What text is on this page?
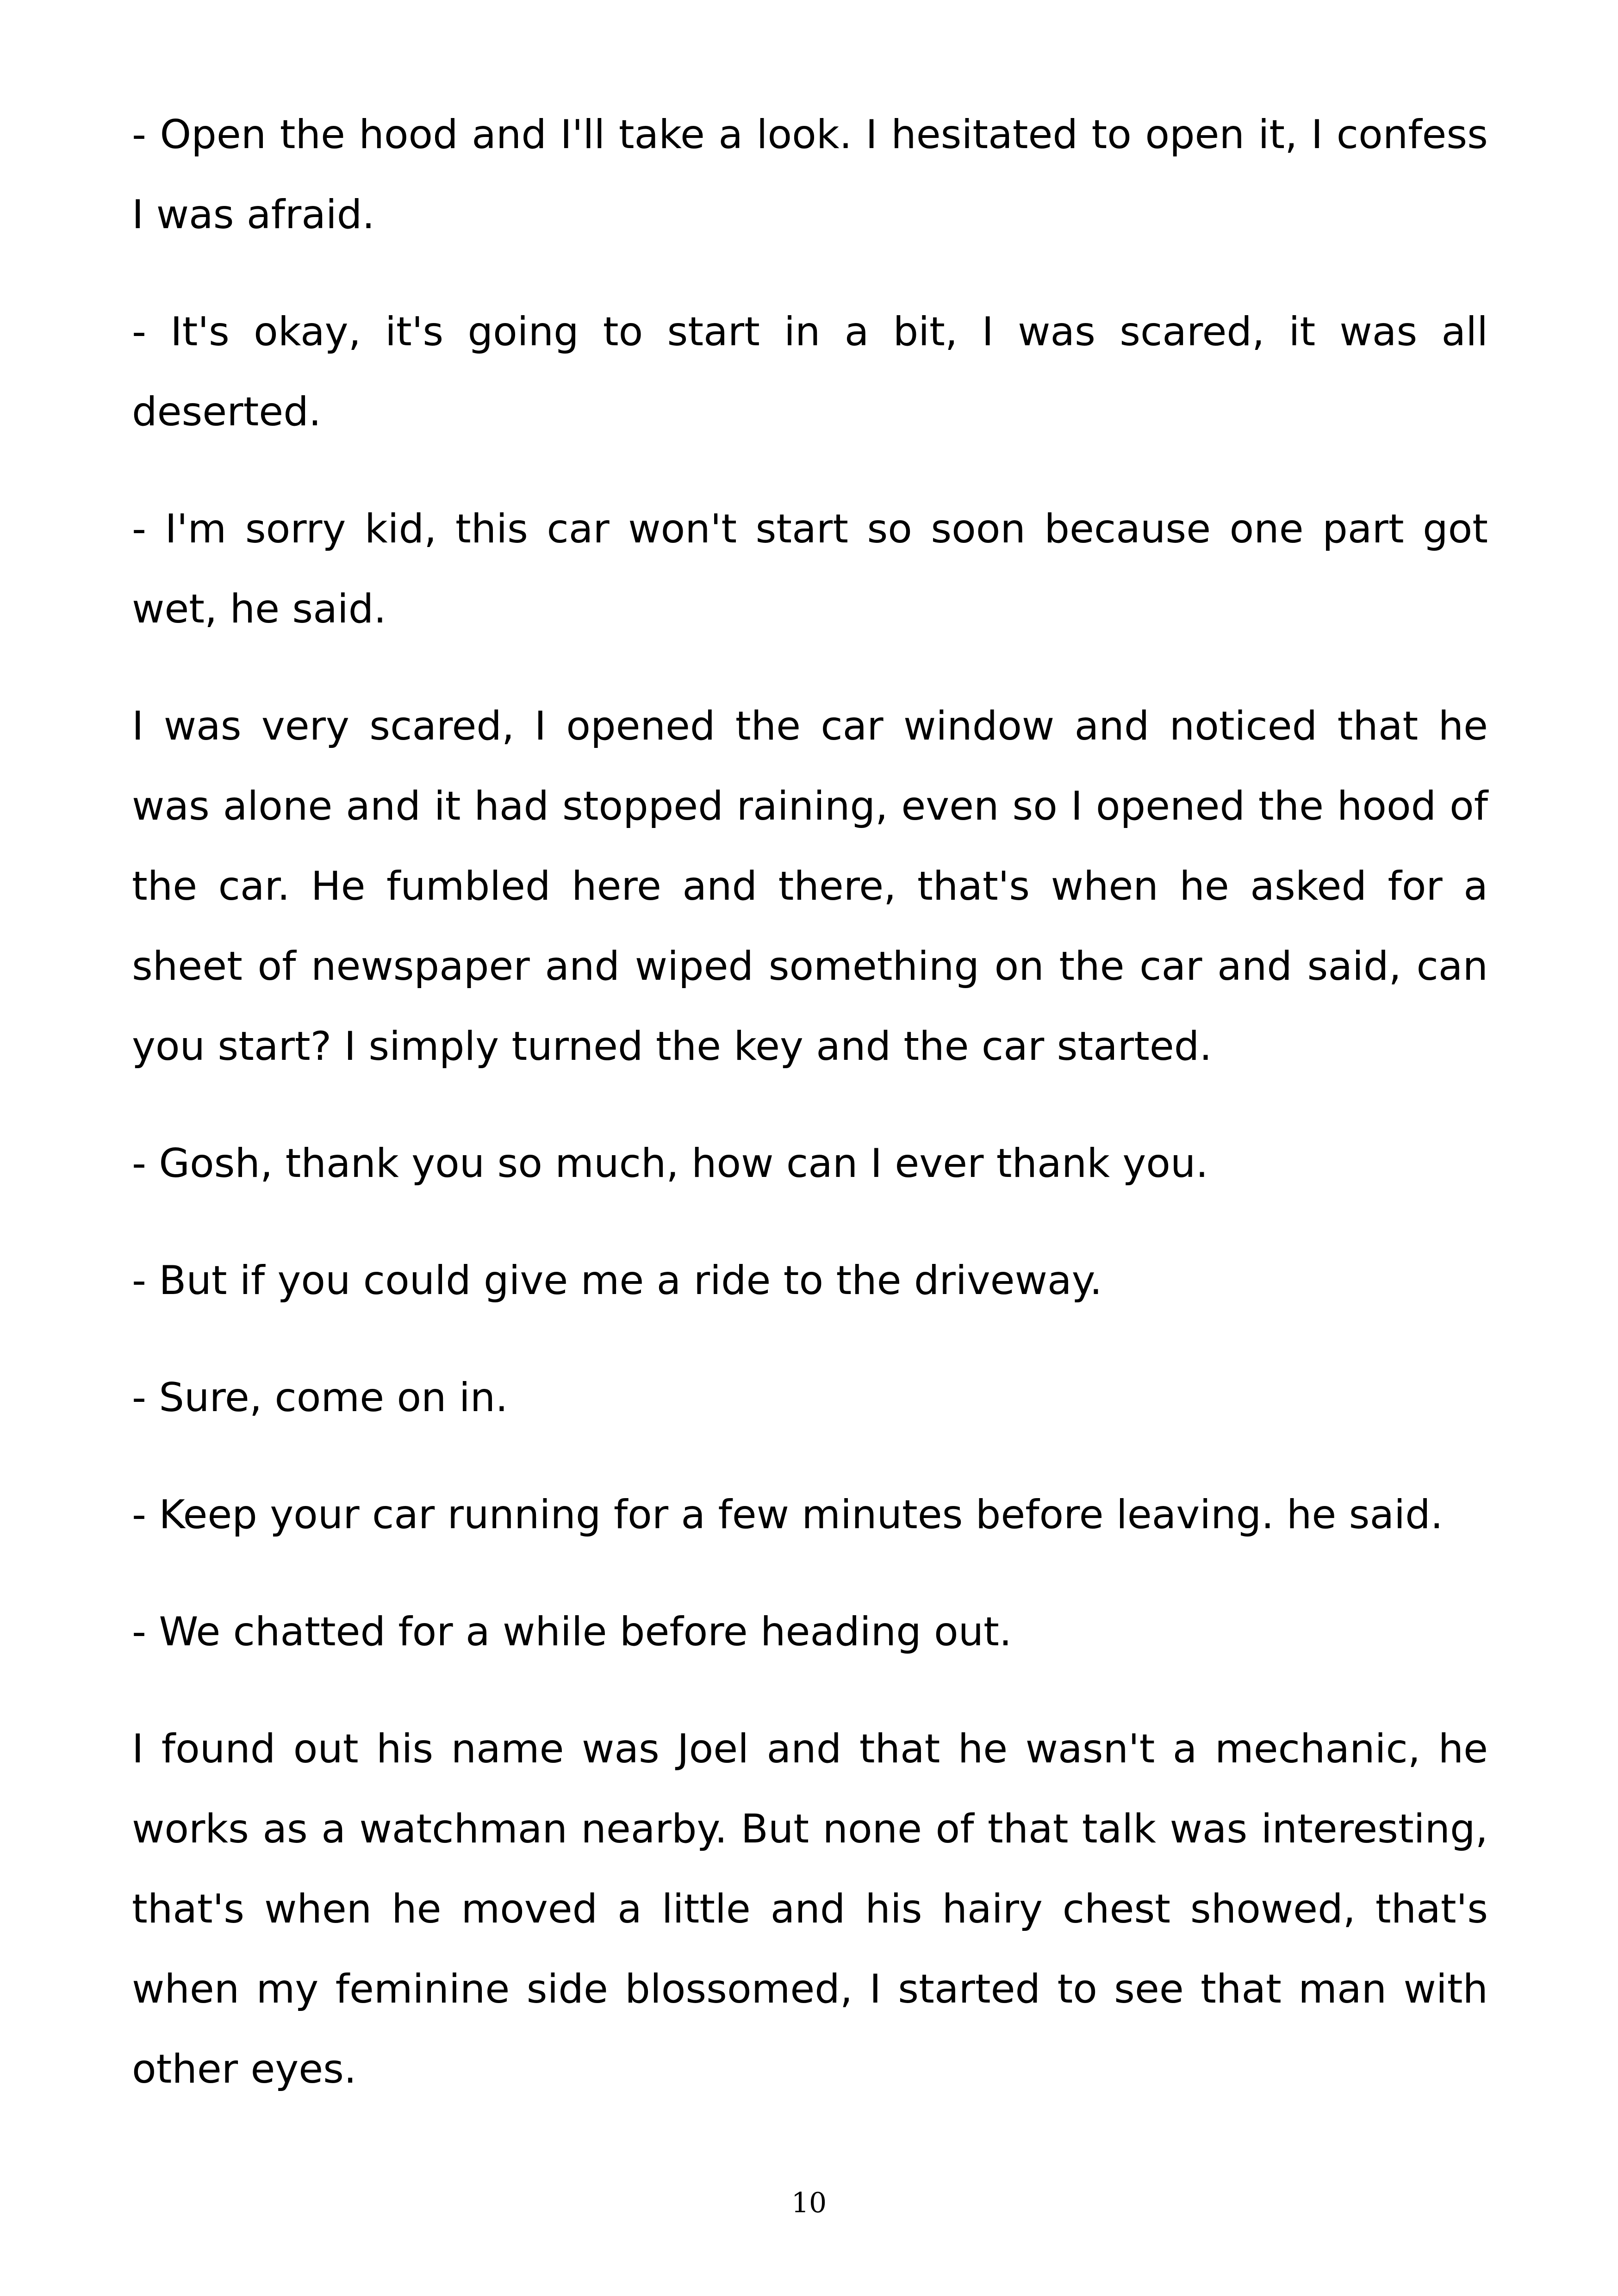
- Open the hood and I'll take a look. I hesitated to open it, I confess I was afraid.

- It's okay, it's going to start in a bit, I was scared, it was all deserted.

- I'm sorry kid, this car won't start so soon because one part got wet, he said.

I was very scared, I opened the car window and noticed that he was alone and it had stopped raining, even so I opened the hood of the car. He fumbled here and there, that's when he asked for a sheet of newspaper and wiped something on the car and said, can you start? I simply turned the key and the car started.

- Gosh, thank you so much, how can I ever thank you.

- But if you could give me a ride to the driveway.

- Sure, come on in.

- Keep your car running for a few minutes before leaving. he said.

- We chatted for a while before heading out.

I found out his name was Joel and that he wasn't a mechanic, he works as a watchman nearby. But none of that talk was interesting, that's when he moved a little and his hairy chest showed, that's when my feminine side blossomed, I started to see that man with other eyes.

10
